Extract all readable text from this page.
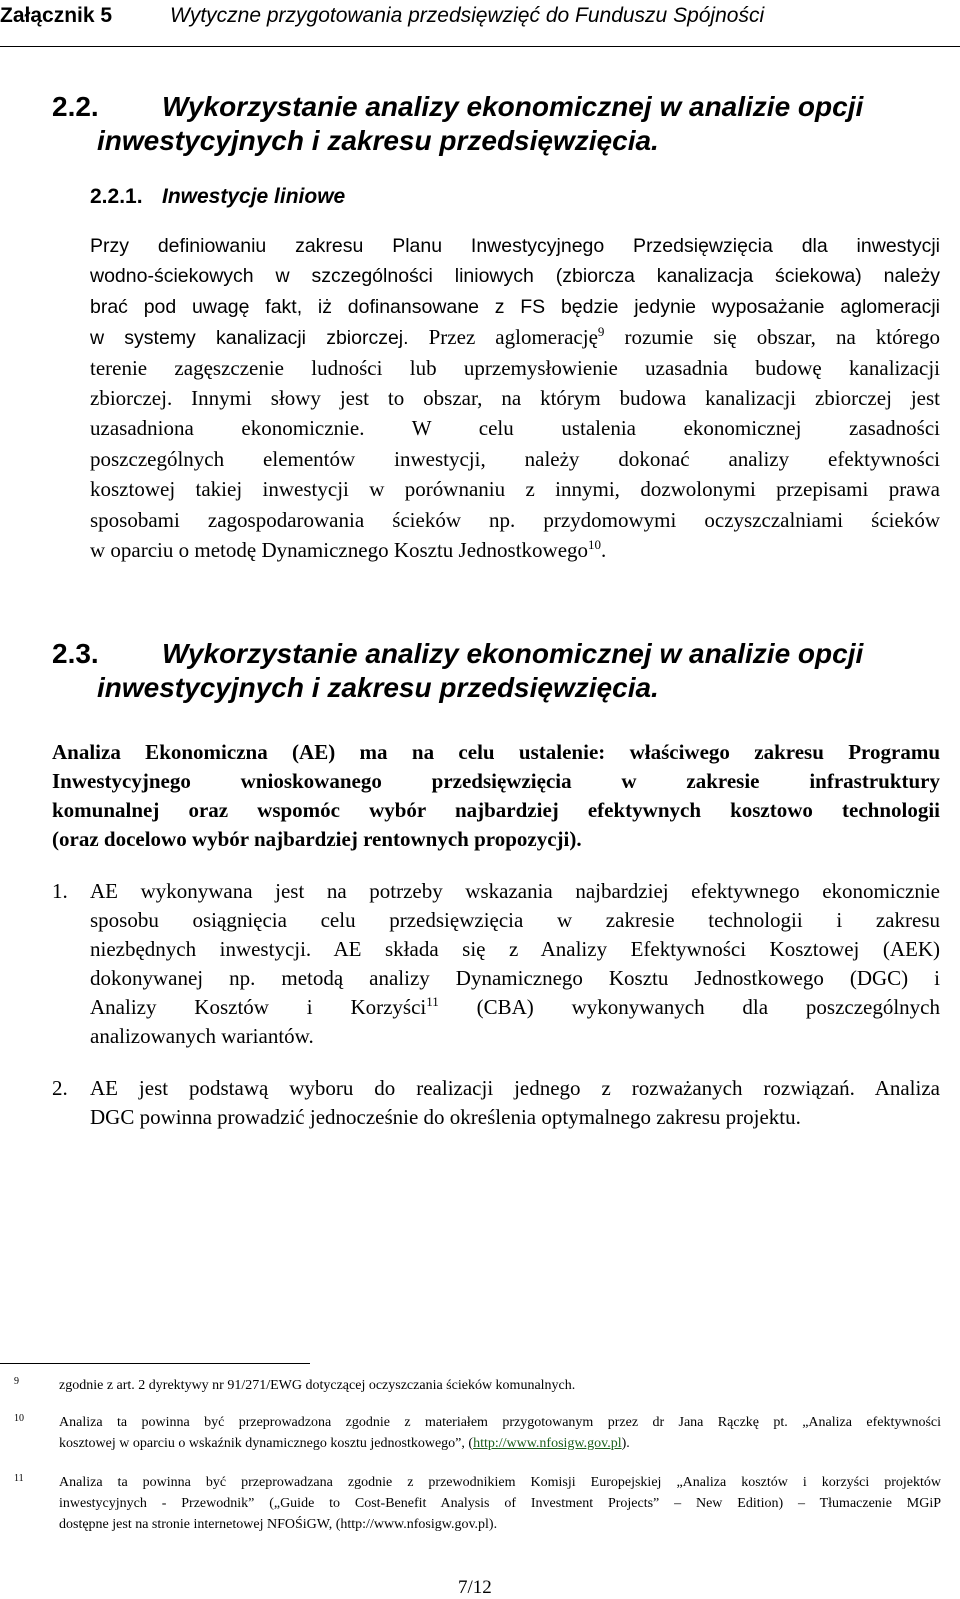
Załącznik 5	Wytyczne przygotowania przedsięwzięć do Funduszu Spójności
2.2. Wykorzystanie analizy ekonomicznej w analizie opcji
inwestycyjnych i zakresu przedsięwzięcia.
2.2.1. Inwestycje liniowe
Przy definiowaniu zakresu Planu Inwestycyjnego Przedsięwzięcia dla inwestycji
wodno-ściekowych w szczególności liniowych (zbiorcza kanalizacja ściekowa) należy
brać pod uwagę fakt, iż dofinansowane z FS będzie jedynie wyposażanie aglomeracji
w systemy kanalizacji zbiorczej. Przez aglomerację$^9$ rozumie się obszar, na którego
terenie zagęszczenie ludności lub uprzemysłowienie uzasadnia budowę kanalizacji
zbiorczej. Innymi słowy jest to obszar, na którym budowa kanalizacji zbiorczej jest
uzasadniona ekonomicznie. W celu ustalenia ekonomicznej zasadności
poszczególnych elementów inwestycji, należy dokonać analizy efektywności
kosztowej takiej inwestycji w porównaniu z innymi, dozwolonymi przepisami prawa
sposobami zagospodarowania ścieków np. przydomowymi oczyszczalniami ścieków
w oparciu o metodę Dynamicznego Kosztu Jednostkowego$^{10}$.
2.3. Wykorzystanie analizy ekonomicznej w analizie opcji
inwestycyjnych i zakresu przedsięwzięcia.
Analiza Ekonomiczna (AE) ma na celu ustalenie: właściwego zakresu Programu
Inwestycyjnego wnioskowanego przedsięwzięcia w zakresie infrastruktury
komunalnej oraz wspomóc wybór najbardziej efektywnych kosztowo technologii
(oraz docelowo wybór najbardziej rentownych propozycji).
1. AE wykonywana jest na potrzeby wskazania najbardziej efektywnego ekonomicznie
sposobu osiągnięcia celu przedsięwzięcia w zakresie technologii i zakresu
niezbędnych inwestycji. AE składa się z Analizy Efektywności Kosztowej (AEK)
dokonywanej np. metodą analizy Dynamicznego Kosztu Jednostkowego (DGC) i
Analizy Kosztów i Korzyści$^{11}$ (CBA) wykonywanych dla poszczególnych
analizowanych wariantów.
2. AE jest podstawą wyboru do realizacji jednego z rozważanych rozwiązań. Analiza
DGC powinna prowadzić jednocześnie do określenia optymalnego zakresu projektu.
9	zgodnie z art. 2 dyrektywy nr 91/271/EWG dotyczącej oczyszczania ścieków komunalnych.
10	Analiza ta powinna być przeprowadzona zgodnie z materiałem przygotowanym przez dr Jana Rączkę pt. „Analiza efektywności
kosztowej w oparciu o wskaźnik dynamicznego kosztu jednostkowego”, (http://www.nfosigw.gov.pl).
11	Analiza ta powinna być przeprowadzana zgodnie z przewodnikiem Komisji Europejskiej „Analiza kosztów i korzyści projektów
inwestycyjnych - Przewodnik” („Guide to Cost-Benefit Analysis of Investment Projects” – New Edition) – Tłumaczenie MGiP
dostępne jest na stronie internetowej NFOŚiGW, (http://www.nfosigw.gov.pl).
7/12
